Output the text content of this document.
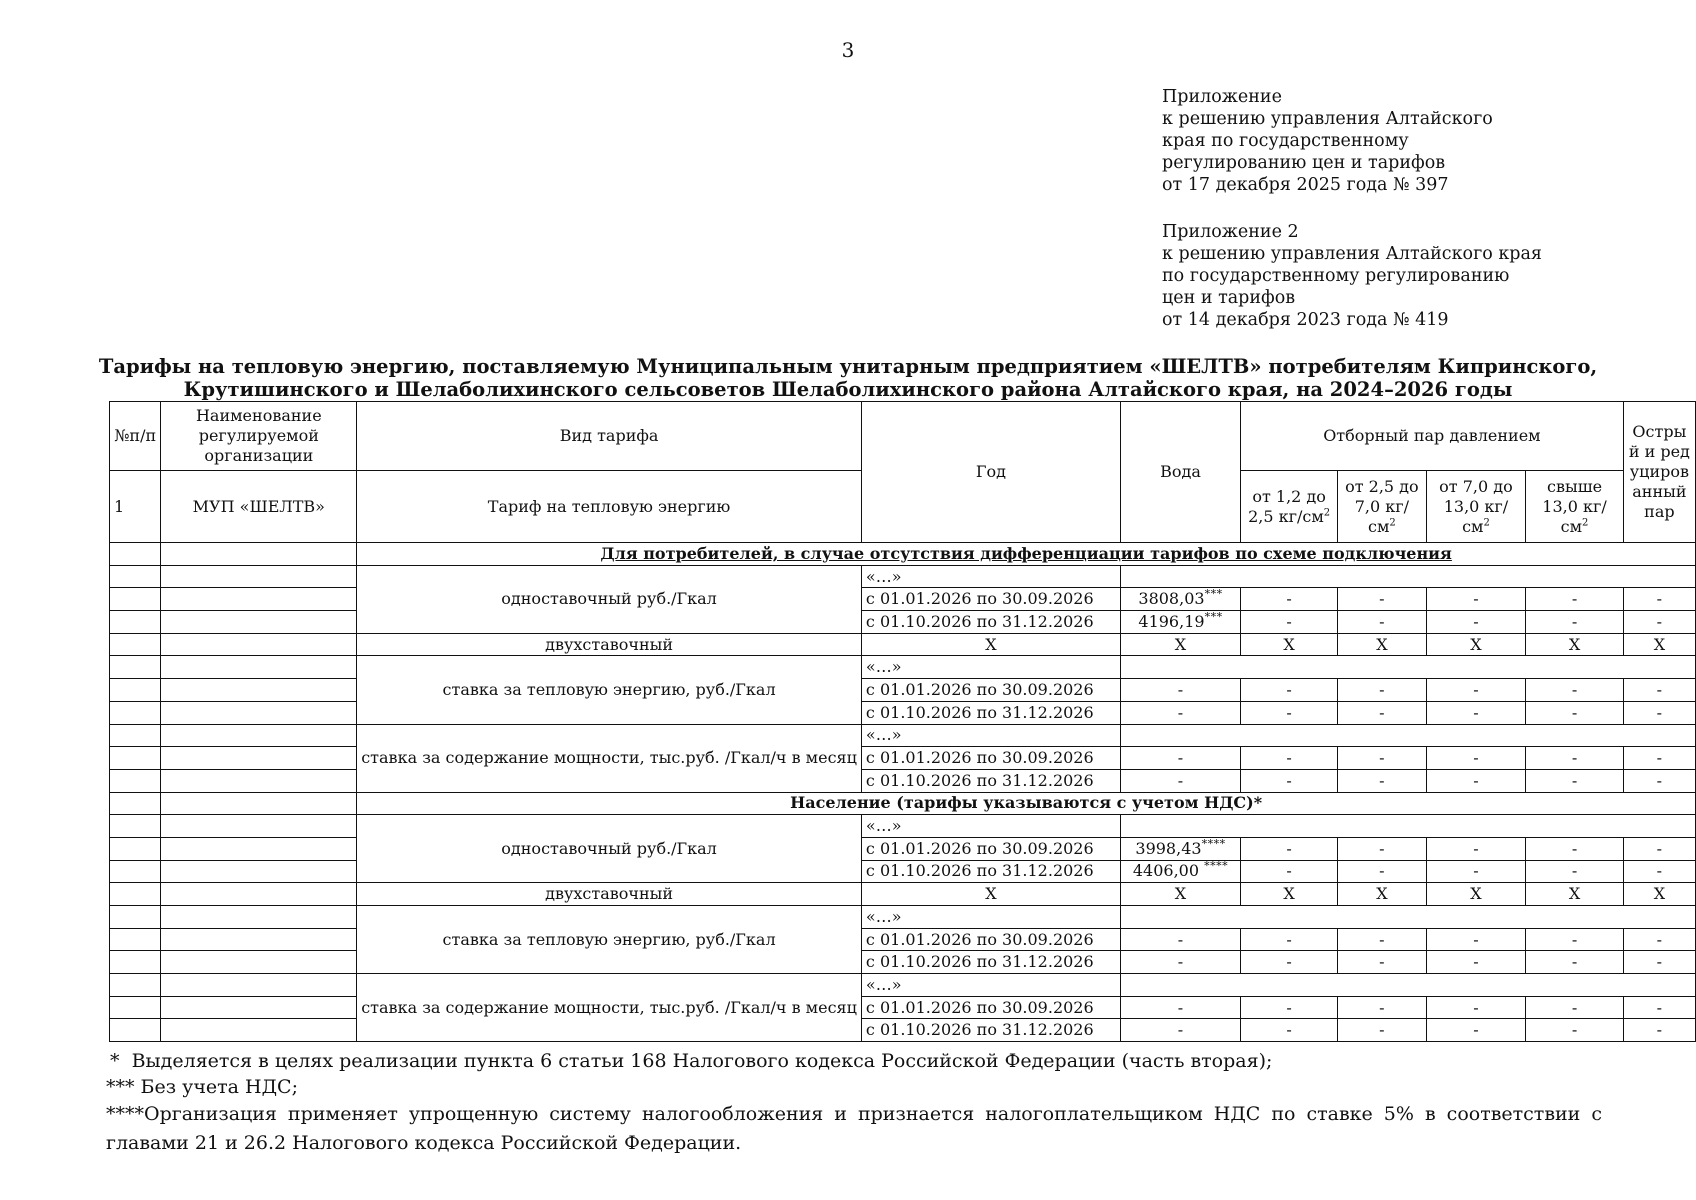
3
Приложение
к решению управления Алтайского
края по государственному
регулированию цен и тарифов
от 17 декабря 2025 года № 397
Приложение 2
к решению управления Алтайского края
по государственному регулированию
цен и тарифов
от 14 декабря 2023 года № 419
Тарифы на тепловую энергию, поставляемую Муниципальным унитарным предприятием «ШЕЛТВ» потребителям Кипринского,
Крутишинского и Шелаболихинского сельсоветов Шелаболихинского района Алтайского края, на 2024–2026 годы
№п/п	Наименование регулируемой организации	Вид тарифа	Год	Вода	Отборный пар давлением				Острый и редуцированный пар
1	МУП «ШЕЛТВ»	Тариф на тепловую энергию			от 1,2 до 2,5 $кг/см^2$	от 2,5 до 7,0 $кг/см^2$	от 7,0 до 13,0 $кг/см^2$	свыше 13,0 $кг/см^2$
		Для потребителей, в случае отсутствия дифференциации тарифов по схеме подключения							
		одноставочный руб./Гкал	«…»						
			с 01.01.2026 по 30.09.2026	3808,03***	-	-	-	-	-
			с 01.10.2026 по 31.12.2026	4196,19***	-	-	-	-	-
		двухставочный	Х	Х	Х	Х	Х	Х	Х
		ставка за тепловую энергию, руб./Гкал	«…»						
			с 01.01.2026 по 30.09.2026	-	-	-	-	-	-
			с 01.10.2026 по 31.12.2026	-	-	-	-	-	-
		ставка за содержание мощности, тыс.руб. /Гкал/ч в месяц	«…»						
			с 01.01.2026 по 30.09.2026	-	-	-	-	-	-
			с 01.10.2026 по 31.12.2026	-	-	-	-	-	-
		Население (тарифы указываются с учетом НДС)*							
		одноставочный руб./Гкал	«…»						
			с 01.01.2026 по 30.09.2026	3998,43****	-	-	-	-	-
			с 01.10.2026 по 31.12.2026	4406,00 ****	-	-	-	-	-
		двухставочный	Х	Х	Х	Х	Х	Х	Х
		ставка за тепловую энергию, руб./Гкал	«…»						
			с 01.01.2026 по 30.09.2026	-	-	-	-	-	-
			с 01.10.2026 по 31.12.2026	-	-	-	-	-	-
		ставка за содержание мощности, тыс.руб. /Гкал/ч в месяц	«…»						
			с 01.01.2026 по 30.09.2026	-	-	-	-	-	-
			с 01.10.2026 по 31.12.2026	-	-	-	-	-	-
* Выделяется в целях реализации пункта 6 статьи 168 Налогового кодекса Российской Федерации (часть вторая);
*** Без учета НДС;
****Организация применяет упрощенную систему налогообложения и признается налогоплательщиком НДС по ставке 5% в соответствии с главами 21 и 26.2 Налогового кодекса Российской Федерации.
